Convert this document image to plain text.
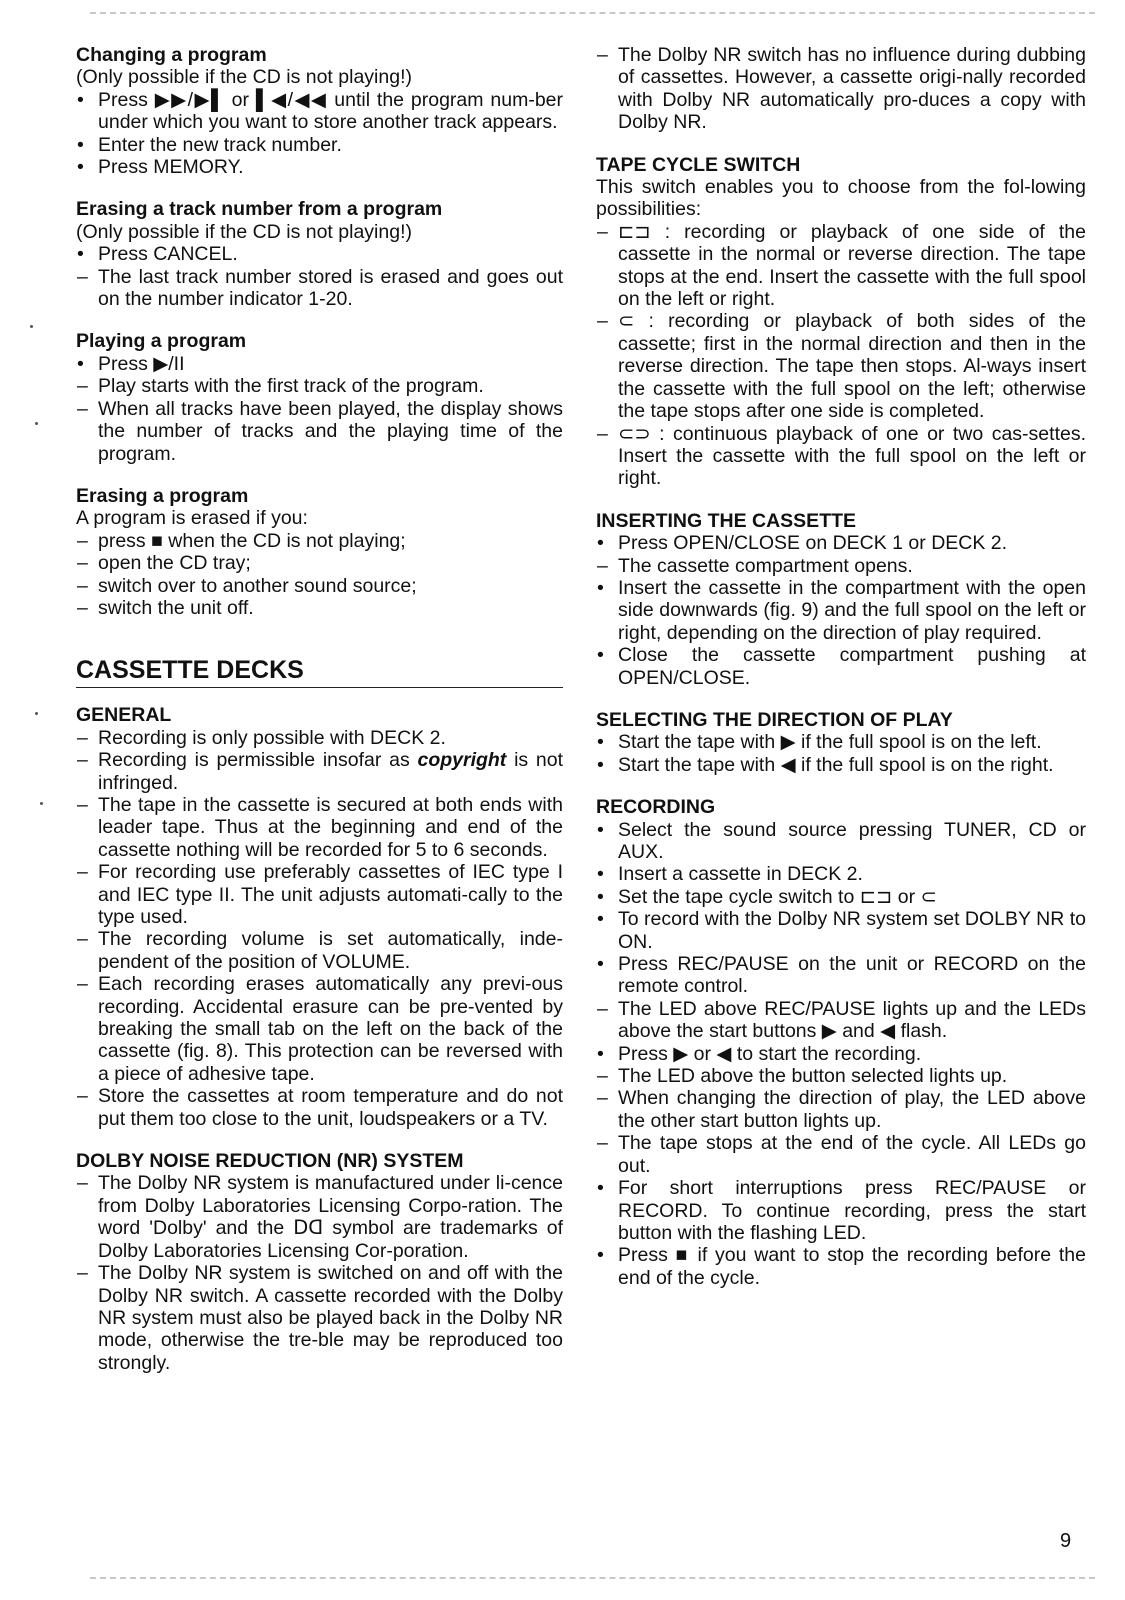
Changing a program

(Only possible if the CD is not playing!)

• Press ▶▶/▶▌ or ▌◀/◀◀ until the program num-ber under which you want to store another track appears.

• Enter the new track number.

• Press MEMORY.

Erasing a track number from a program

(Only possible if the CD is not playing!)

• Press CANCEL.

– The last track number stored is erased and goes out on the number indicator 1-20.

Playing a program

• Press ▶/II

– Play starts with the first track of the program.

– When all tracks have been played, the display shows the number of tracks and the playing time of the program.

Erasing a program

A program is erased if you:

– press ■ when the CD is not playing;

– open the CD tray;

– switch over to another sound source;

– switch the unit off.

CASSETTE DECKS

GENERAL

– Recording is only possible with DECK 2.

– Recording is permissible insofar as copyright is not infringed.

– The tape in the cassette is secured at both ends with leader tape. Thus at the beginning and end of the cassette nothing will be recorded for 5 to 6 seconds.

– For recording use preferably cassettes of IEC type I and IEC type II. The unit adjusts automati-cally to the type used.

– The recording volume is set automatically, inde-pendent of the position of VOLUME.

– Each recording erases automatically any previ-ous recording. Accidental erasure can be pre-vented by breaking the small tab on the left on the back of the cassette (fig. 8). This protection can be reversed with a piece of adhesive tape.

– Store the cassettes at room temperature and do not put them too close to the unit, loudspeakers or a TV.

DOLBY NOISE REDUCTION (NR) SYSTEM

– The Dolby NR system is manufactured under li-cence from Dolby Laboratories Licensing Corpo-ration. The word 'Dolby' and the ᗞᗡ symbol are trademarks of Dolby Laboratories Licensing Cor-poration.

– The Dolby NR system is switched on and off with the Dolby NR switch. A cassette recorded with the Dolby NR system must also be played back in the Dolby NR mode, otherwise the tre-ble may be reproduced too strongly.

– The Dolby NR switch has no influence during dubbing of cassettes. However, a cassette origi-nally recorded with Dolby NR automatically pro-duces a copy with Dolby NR.

TAPE CYCLE SWITCH

This switch enables you to choose from the fol-lowing possibilities:

– ⊏⊐ : recording or playback of one side of the cassette in the normal or reverse direction. The tape stops at the end. Insert the cassette with the full spool on the left or right.

– ⊂ : recording or playback of both sides of the cassette; first in the normal direction and then in the reverse direction. The tape then stops. Al-ways insert the cassette with the full spool on the left; otherwise the tape stops after one side is completed.

– ⊂⊃ : continuous playback of one or two cas-settes. Insert the cassette with the full spool on the left or right.

INSERTING THE CASSETTE

• Press OPEN/CLOSE on DECK 1 or DECK 2.

– The cassette compartment opens.

• Insert the cassette in the compartment with the open side downwards (fig. 9) and the full spool on the left or right, depending on the direction of play required.

• Close the cassette compartment pushing at OPEN/CLOSE.

SELECTING THE DIRECTION OF PLAY

• Start the tape with ▶ if the full spool is on the left.

• Start the tape with ◀ if the full spool is on the right.

RECORDING

• Select the sound source pressing TUNER, CD or AUX.

• Insert a cassette in DECK 2.

• Set the tape cycle switch to ⊏⊐ or ⊂

• To record with the Dolby NR system set DOLBY NR to ON.

• Press REC/PAUSE on the unit or RECORD on the remote control.

– The LED above REC/PAUSE lights up and the LEDs above the start buttons ▶ and ◀ flash.

• Press ▶ or ◀ to start the recording.

– The LED above the button selected lights up.

– When changing the direction of play, the LED above the other start button lights up.

– The tape stops at the end of the cycle. All LEDs go out.

• For short interruptions press REC/PAUSE or RECORD. To continue recording, press the start button with the flashing LED.

• Press ■ if you want to stop the recording before the end of the cycle.

9
